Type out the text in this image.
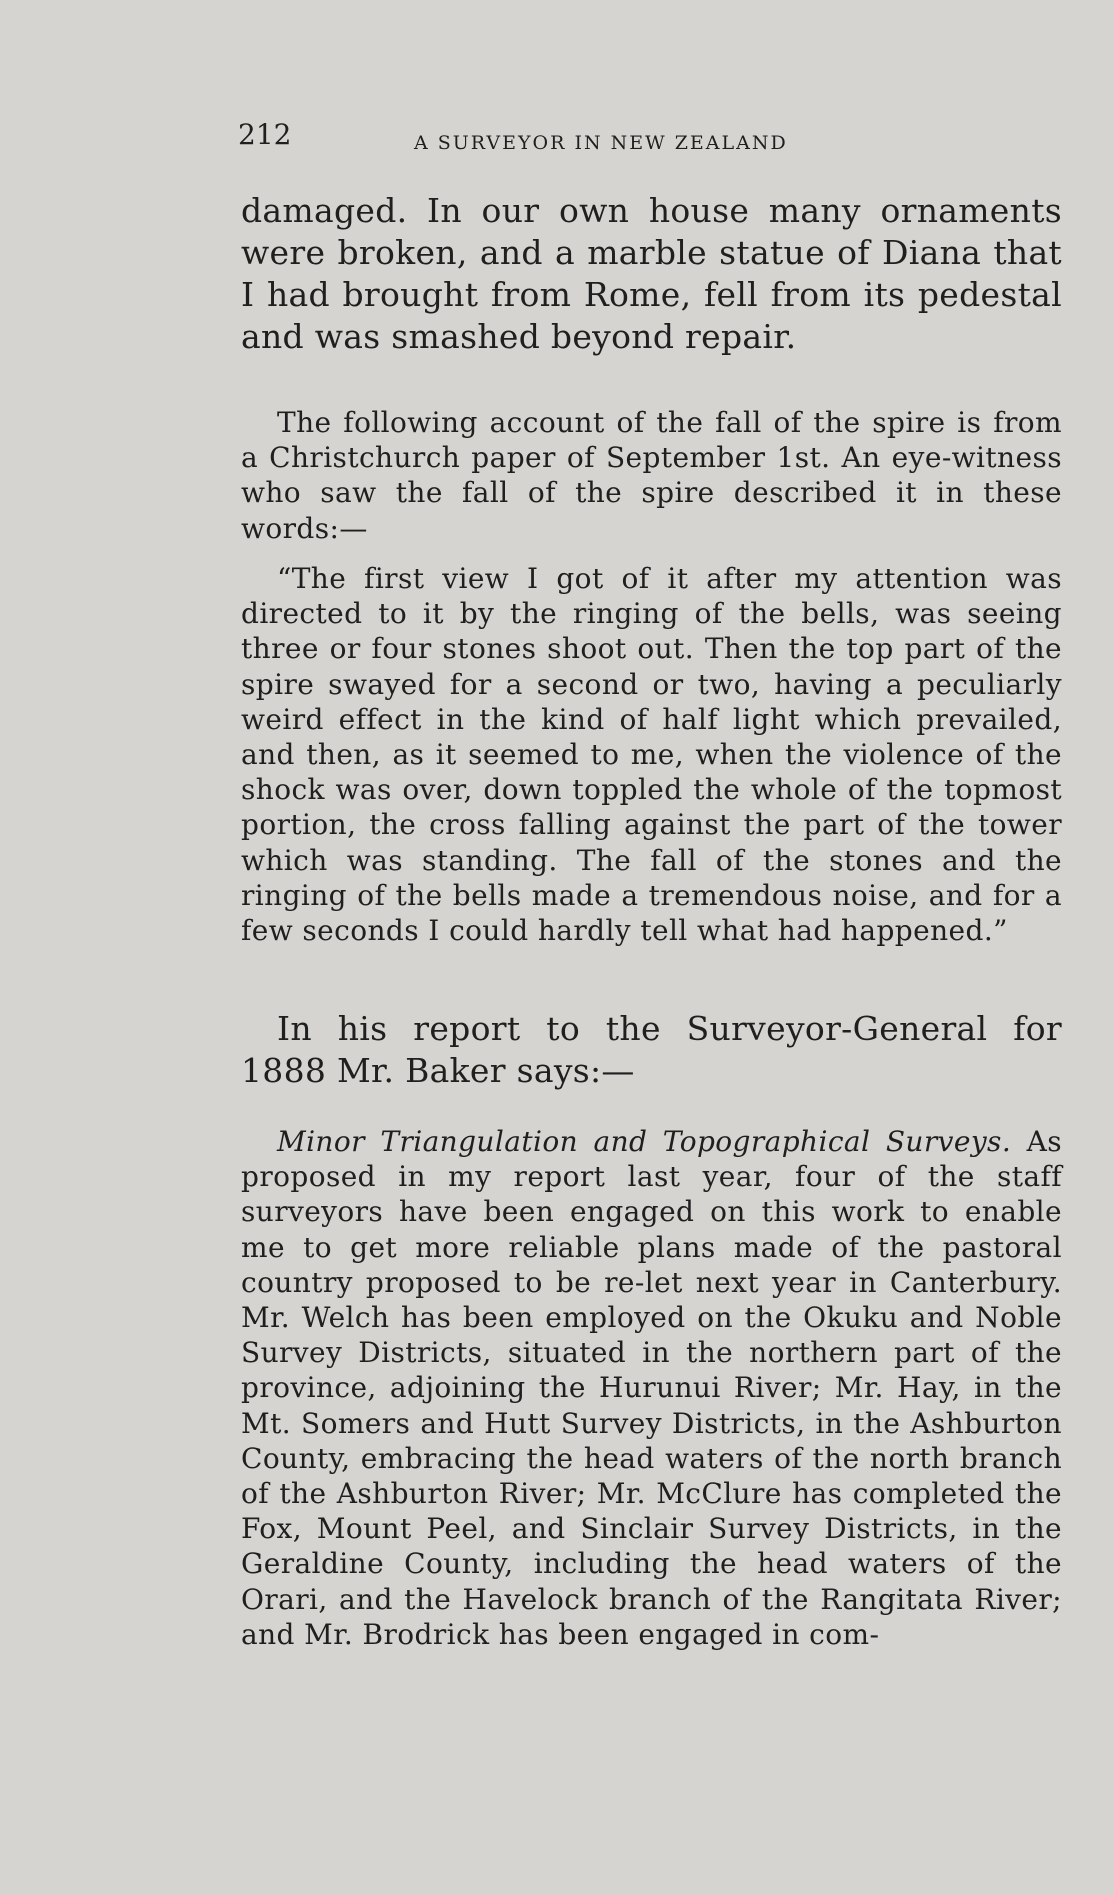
212	A SURVEYOR IN NEW ZEALAND

damaged. In our own house many ornaments were broken, and a marble statue of Diana that I had brought from Rome, fell from its pedestal and was smashed beyond repair.

The following account of the fall of the spire is from a Christchurch paper of September 1st. An eye-witness who saw the fall of the spire described it in these words:—

“The first view I got of it after my attention was directed to it by the ringing of the bells, was seeing three or four stones shoot out. Then the top part of the spire swayed for a second or two, having a peculiarly weird effect in the kind of half light which prevailed, and then, as it seemed to me, when the violence of the shock was over, down toppled the whole of the topmost portion, the cross falling against the part of the tower which was standing. The fall of the stones and the ringing of the bells made a tremendous noise, and for a few seconds I could hardly tell what had happened.”

In his report to the Surveyor-General for 1888 Mr. Baker says:—

Minor Triangulation and Topographical Surveys. As proposed in my report last year, four of the staff surveyors have been engaged on this work to enable me to get more reliable plans made of the pastoral country proposed to be re-let next year in Canterbury. Mr. Welch has been employed on the Okuku and Noble Survey Districts, situated in the northern part of the province, adjoining the Hurunui River; Mr. Hay, in the Mt. Somers and Hutt Survey Districts, in the Ashburton County, embracing the head waters of the north branch of the Ashburton River; Mr. McClure has completed the Fox, Mount Peel, and Sinclair Survey Districts, in the Geraldine County, including the head waters of the Orari, and the Havelock branch of the Rangitata River; and Mr. Brodrick has been engaged in com-
